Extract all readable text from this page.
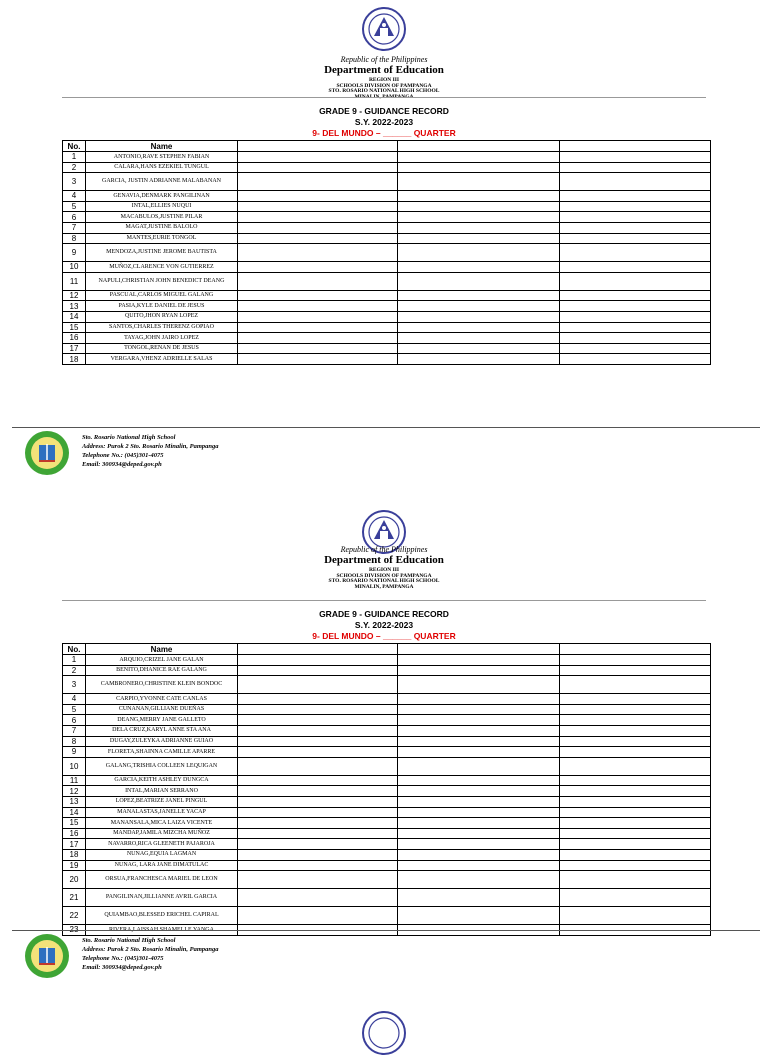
Republic of the Philippines
Department of Education
REGION III
SCHOOLS DIVISION OF PAMPANGA
STO. ROSARIO NATIONAL HIGH SCHOOL
MINALIN, PAMPANGA
GRADE 9 - GUIDANCE RECORD
S.Y. 2022-2023
9- DEL MUNDO – ______ QUARTER
No.	Name			
1	ANTONIO,RAVE STEPHEN FABIAN			
2	CALARA,HANS EZEKIEL TUNGUL			
3	GARCIA, JUSTIN ADRIANNE MALABANAN			
4	GENAVIA,DENMARK PANGILINAN			
5	INTAL,ELLIES NUQUI			
6	MACABULOS,JUSTINE PILAR			
7	MAGAT,JUSTINE BALOLO			
8	MANTES,EURIE TONGOL			
9	MENDOZA,JUSTINE JEROME BAUTISTA			
10	MUÑOZ,CLARENCE VON GUTIERREZ			
11	NAPULI,CHRISTIAN JOHN BENEDICT DEANG			
12	PASCUAL,CARLOS MIGUEL GALANG			
13	PASIA,KYLE DANIEL DE JESUS			
14	QUITO,JHON RYAN LOPEZ			
15	SANTOS,CHARLES THERENZ GOPIAO			
16	TAYAG,JOHN JAIRO LOPEZ			
17	TONGOL,RENAN DE JESUS			
18	VERGARA,VHENZ ADRIELLE SALAS			
Sto. Rosario National High School
Address: Purok 2 Sto. Rosario Minalin, Pampanga
Telephone No.: (045)301-4075
Email: 300934@deped.gov.ph
Republic of the Philippines
Department of Education
REGION III
SCHOOLS DIVISION OF PAMPANGA
STO. ROSARIO NATIONAL HIGH SCHOOL
MINALIN, PAMPANGA
GRADE 9 - GUIDANCE RECORD
S.Y. 2022-2023
9- DEL MUNDO – ______ QUARTER
No.	Name			
1	ARQUIO,CRIZEL JANE GALAN			
2	BENITO,DHANICE RAE GALANG			
3	CAMBRONERO,CHRISTINE KLEIN BONDOC			
4	CARPIO,YVONNE CATE CANLAS			
5	CUNANAN,GILLIANE DUEÑAS			
6	DEANG,MERRY JANE GALLETO			
7	DELA CRUZ,KARYL ANNE STA ANA			
8	DUGAY,ZULEYKA ADRIANNE GUIAO			
9	FLORETA,SHAINNA CAMILLE APARRE			
10	GALANG,TRISHIA COLLEEN LEQUIGAN			
11	GARCIA,KEITH ASHLEY DUNGCA			
12	INTAL,MARIAN SERRANO			
13	LOPEZ,BEATRIZE JANEL PINGUL			
14	MANALASTAS,JANELLE YACAP			
15	MANANSALA,MICA LAIZA VICENTE			
16	MANDAP,JAMILA MIZCHA MUÑOZ			
17	NAVARRO,RICA GLEENETH PAJAROJA			
18	NUNAG,EQUIA LAGMAN			
19	NUNAG, LARA JANE DIMATULAC			
20	ORSUA,FRANCHESCA MARIEL DE LEON			
21	PANGILINAN,JILLIANNE AVRIL GARCIA			
22	QUIAMBAO,BLESSED ERICHEL CAPIRAL			
23	RIVERA,LAISSAH SHAMELLE YANGA			
Sto. Rosario National High School
Address: Purok 2 Sto. Rosario Minalin, Pampanga
Telephone No.: (045)301-4075
Email: 300934@deped.gov.ph
